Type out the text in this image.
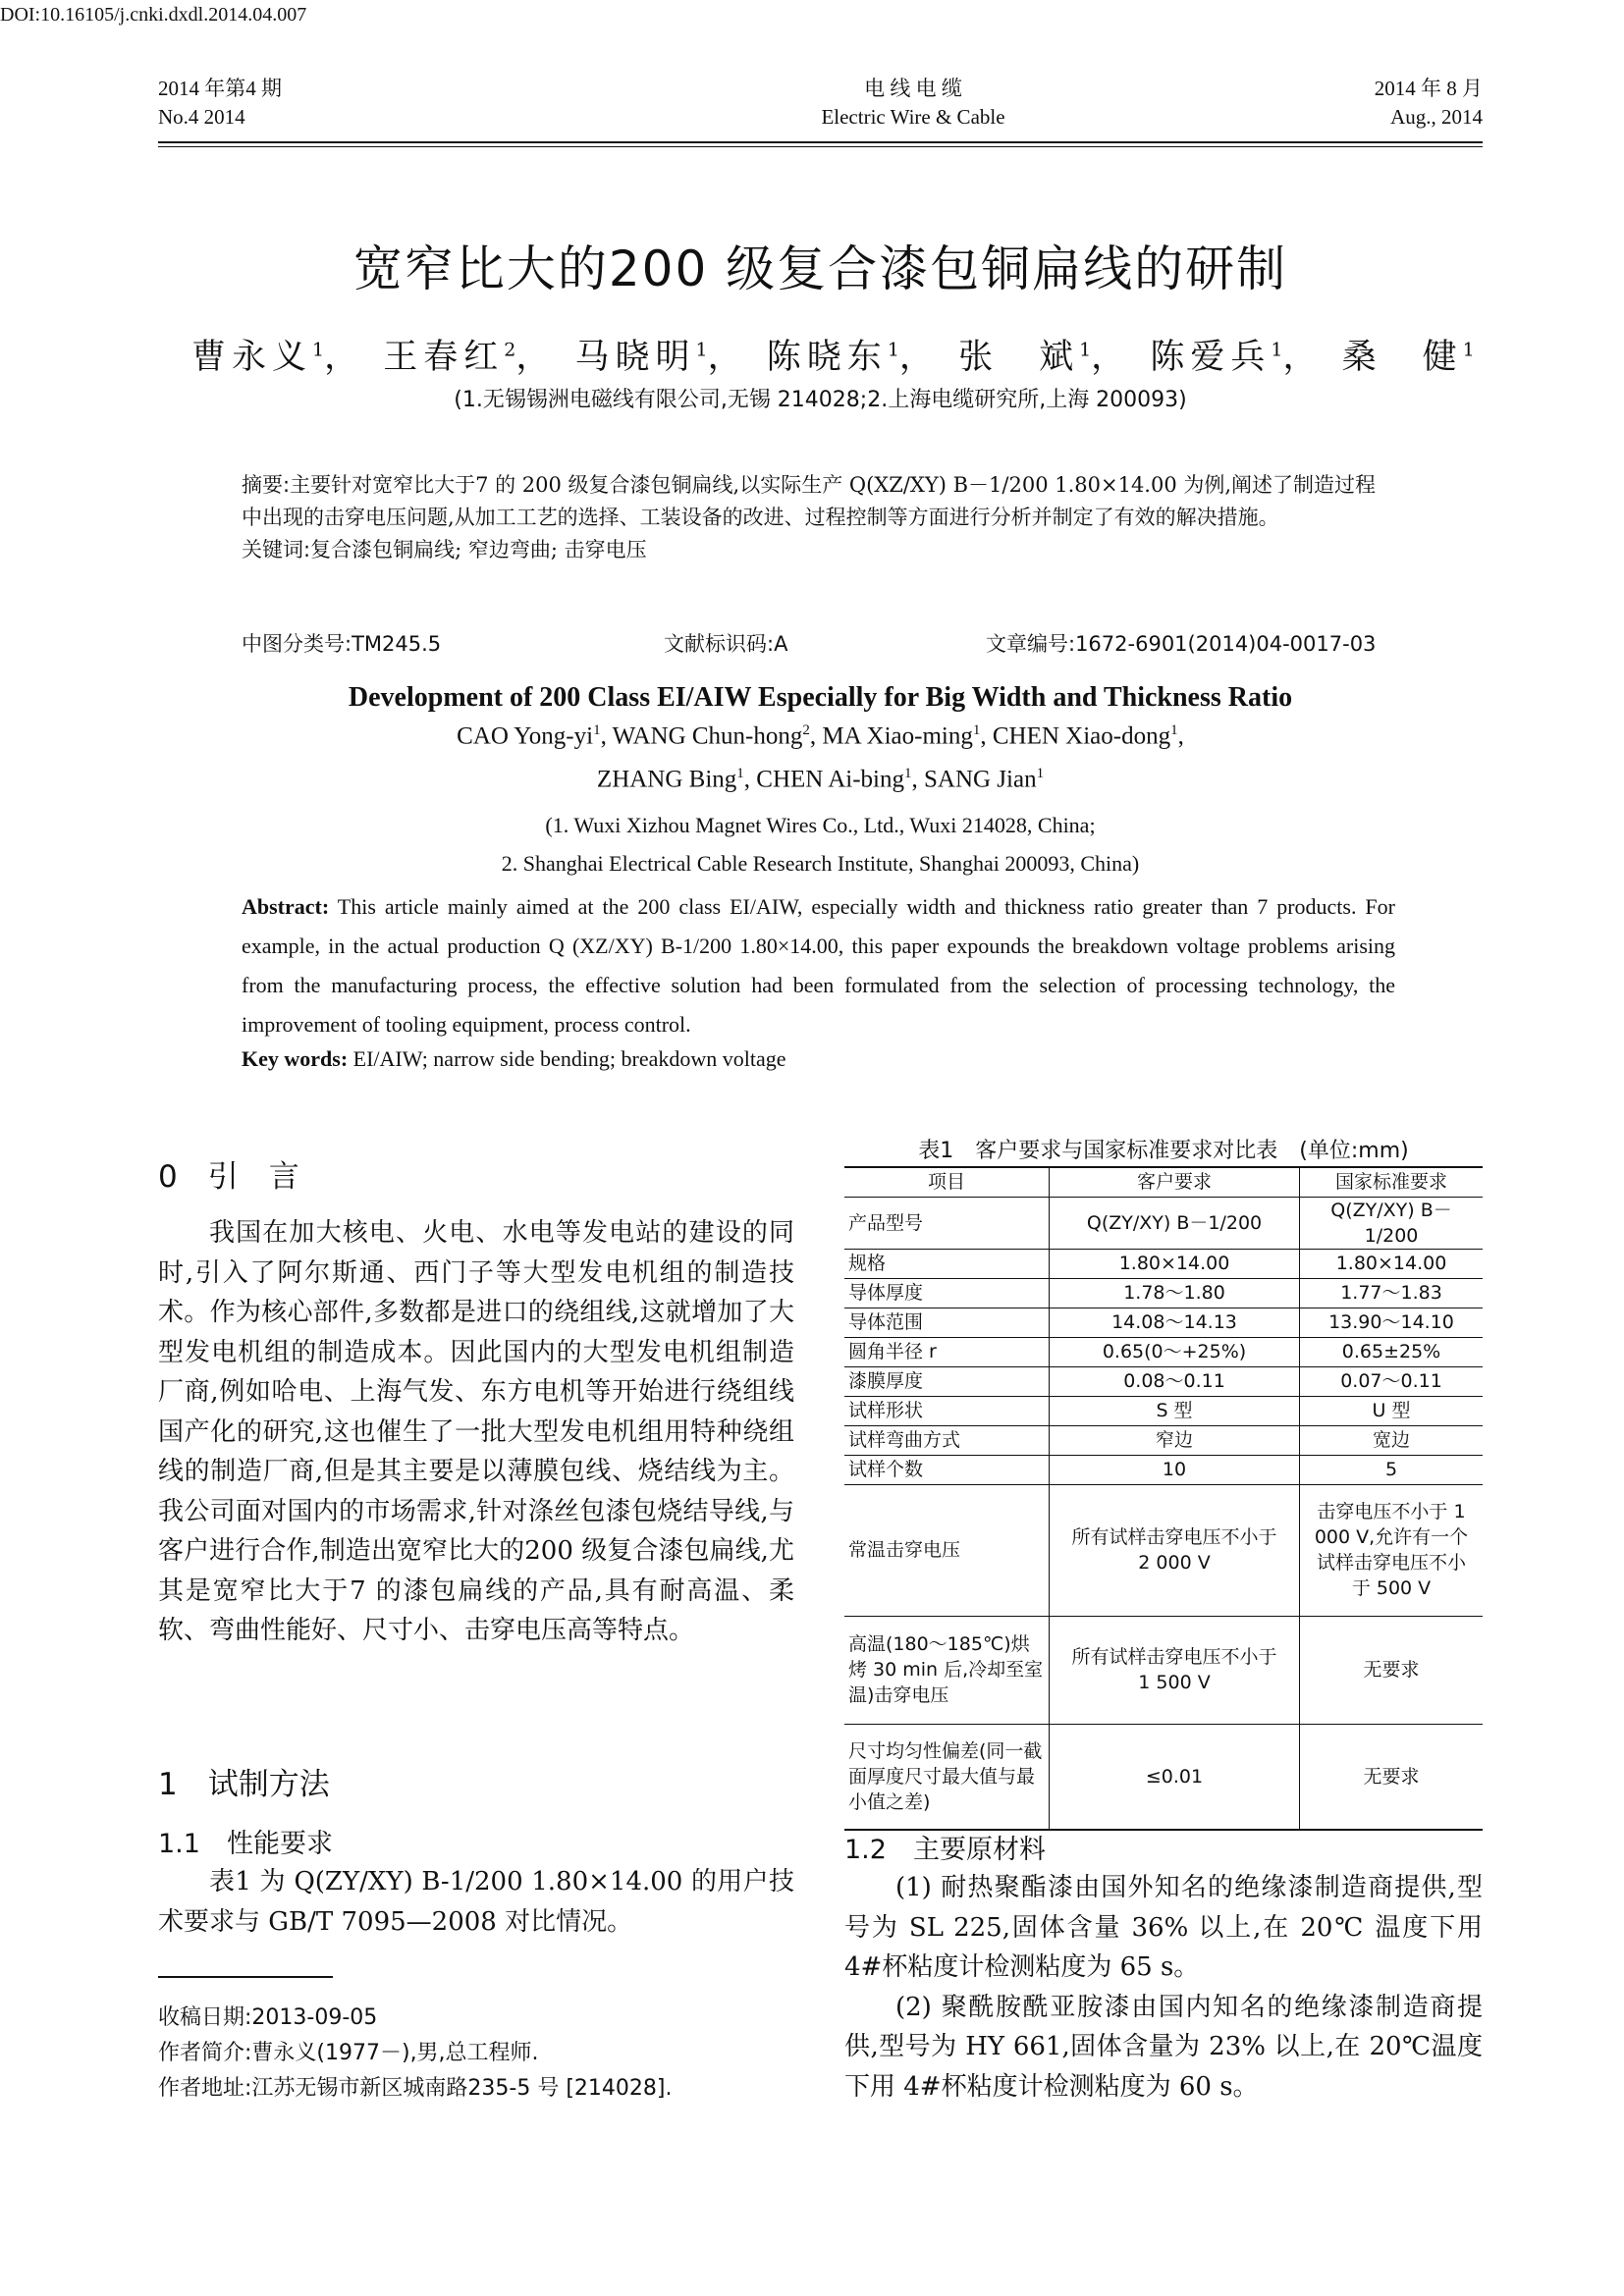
DOI:10.16105/j.cnki.dxdl.2014.04.007
2014 年第4 期
No.4 2014
电 线 电 缆
Electric Wire & Cable
2014 年 8 月
Aug., 2014
宽窄比大的200 级复合漆包铜扁线的研制
曹永义$^1$， 王春红$^2$， 马晓明$^1$， 陈晓东$^1$， 张　斌$^1$， 陈爱兵$^1$， 桑　健$^1$
(1.无锡锡洲电磁线有限公司,无锡 214028;2.上海电缆研究所,上海 200093)
摘要:主要针对宽窄比大于7 的 200 级复合漆包铜扁线,以实际生产 Q(XZ/XY) B－1/200 1.80×14.00 为例,阐述了制造过程中出现的击穿电压问题,从加工工艺的选择、工装设备的改进、过程控制等方面进行分析并制定了有效的解决措施。
关键词:复合漆包铜扁线; 窄边弯曲; 击穿电压
中图分类号:TM245.5	文献标识码:A	文章编号:1672-6901(2014)04-0017-03
Development of 200 Class EI/AIW Especially for Big Width and Thickness Ratio
CAO Yong-$yi^1$, WANG Chun-hong$^2$, MA Xiao-ming$^1$, CHEN Xiao-dong$^1$,
ZHANG Bing$^1$, CHEN Ai-bing$^1$, SANG Jian$^1$
(1. Wuxi Xizhou Magnet Wires Co., Ltd., Wuxi 214028, China;
2. Shanghai Electrical Cable Research Institute, Shanghai 200093, China)
Abstract: This article mainly aimed at the 200 class EI/AIW, especially width and thickness ratio greater than 7 products. For example, in the actual production Q (XZ/XY) B-1/200 1.80×14.00, this paper expounds the breakdown voltage problems arising from the manufacturing process, the effective solution had been formulated from the selection of processing technology, the improvement of tooling equipment, process control.
Key words: EI/AIW; narrow side bending; breakdown voltage
0　引　言

我国在加大核电、火电、水电等发电站的建设的同时,引入了阿尔斯通、西门子等大型发电机组的制造技术。作为核心部件,多数都是进口的绕组线,这就增加了大型发电机组的制造成本。因此国内的大型发电机组制造厂商,例如哈电、上海气发、东方电机等开始进行绕组线国产化的研究,这也催生了一批大型发电机组用特种绕组线的制造厂商,但是其主要是以薄膜包线、烧结线为主。我公司面对国内的市场需求,针对涤丝包漆包烧结导线,与客户进行合作,制造出宽窄比大的200 级复合漆包扁线,尤其是宽窄比大于7 的漆包扁线的产品,具有耐高温、柔软、弯曲性能好、尺寸小、击穿电压高等特点。

1　试制方法
1.1　性能要求

表1 为 Q(ZY/XY) B-1/200 1.80×14.00 的用户技术要求与 GB/T 7095—2008 对比情况。

收稿日期:2013-09-05
作者简介:曹永义(1977－),男,总工程师.
作者地址:江苏无锡市新区城南路235-5 号 [214028].
表1　客户要求与国家标准要求对比表　(单位:mm)
项目	客户要求	国家标准要求
产品型号	Q(ZY/XY) B－1/200	Q(ZY/XY) B－1/200
规格	1.80×14.00	1.80×14.00
导体厚度	1.78～1.80	1.77～1.83
导体范围	14.08～14.13	13.90～14.10
圆角半径 r	0.65(0～+25%)	0.65±25%
漆膜厚度	0.08～0.11	0.07～0.11
试样形状	S 型	U 型
试样弯曲方式	窄边	宽边
试样个数	10	5
常温击穿电压	所有试样击穿电压不小于 2 000 V	击穿电压不小于 1 000 V,允许有一个试样击穿电压不小于 500 V
高温(180～185℃)烘烤 30 min 后,冷却至室温)击穿电压	所有试样击穿电压不小于 1 500 V	无要求
尺寸均匀性偏差(同一截面厚度尺寸最大值与最小值之差)	≤0.01	无要求
1.2　主要原材料

(1) 耐热聚酯漆由国外知名的绝缘漆制造商提供,型号为 SL 225,固体含量 36% 以上,在 20℃ 温度下用 4#杯粘度计检测粘度为 65 s。

(2) 聚酰胺酰亚胺漆由国内知名的绝缘漆制造商提供,型号为 HY 661,固体含量为 23% 以上,在 20℃温度下用 4#杯粘度计检测粘度为 60 s。
